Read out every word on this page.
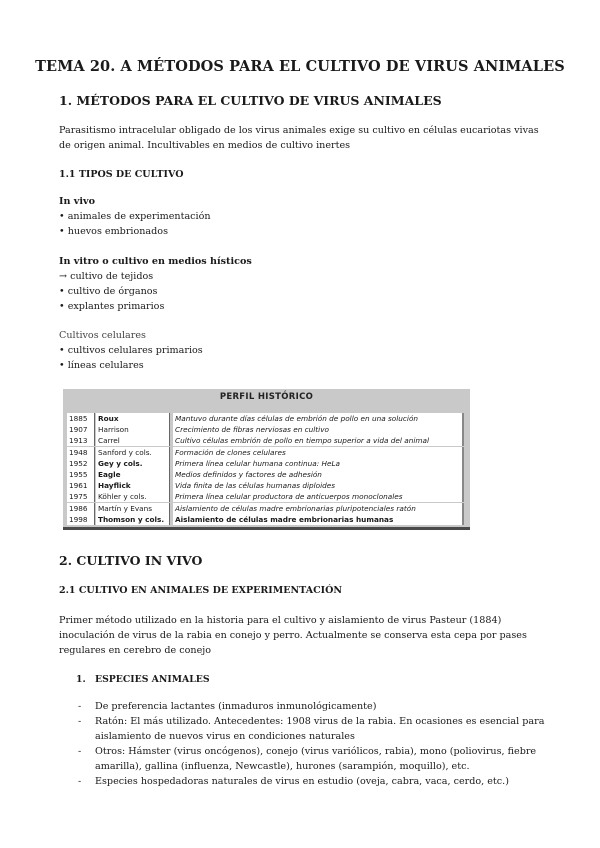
TEMA 20. A MÉTODOS PARA EL CULTIVO DE VIRUS ANIMALES
1. MÉTODOS PARA EL CULTIVO DE VIRUS ANIMALES
Parasitismo intracelular obligado de los virus animales exige su cultivo en células eucariotas vivas de origen animal. Incultivables en medios de cultivo inertes
1.1 TIPOS DE CULTIVO
In vivo
• animales de experimentación
• huevos embrionados
In vitro o cultivo en medios hísticos
→ cultivo de tejidos
• cultivo de órganos
• explantes primarios
Cultivos celulares
• cultivos celulares primarios
• líneas celulares
PERFIL HISTÓRICO
1885	Roux	Mantuvo durante días células de embrión de pollo en una solución
1907	Harrison	Crecimiento de fibras nerviosas en cultivo
1913	Carrel	Cultivo células embrión de pollo en tiempo superior a vida del animal
1948	Sanford y cols.	Formación de clones celulares
1952	Gey y cols.	Primera línea celular humana continua: HeLa
1955	Eagle	Medios definidos y factores de adhesión
1961	Hayflick	Vida finita de las células humanas diploides
1975	Köhler y cols.	Primera línea celular productora de anticuerpos monoclonales
1986	Martín y Evans	Aislamiento de células madre embrionarias pluripotenciales ratón
1998	Thomson y cols.	Aislamiento de células madre embrionarias humanas
2. CULTIVO IN VIVO
2.1 CULTIVO EN ANIMALES DE EXPERIMENTACIÓN
Primer método utilizado en la historia para el cultivo y aislamiento de virus Pasteur (1884) inoculación de virus de la rabia en conejo y perro. Actualmente se conserva esta cepa por pases regulares en cerebro de conejo
1. ESPECIES ANIMALES
- De preferencia lactantes (inmaduros inmunológicamente)
- Ratón: El más utilizado. Antecedentes: 1908 virus de la rabia. En ocasiones es esencial para aislamiento de nuevos virus en condiciones naturales
- Otros: Hámster (virus oncógenos), conejo (virus variólicos, rabia), mono (poliovirus, fiebre amarilla), gallina (influenza, Newcastle), hurones (sarampión, moquillo), etc.
- Especies hospedadoras naturales de virus en estudio (oveja, cabra, vaca, cerdo, etc.)
